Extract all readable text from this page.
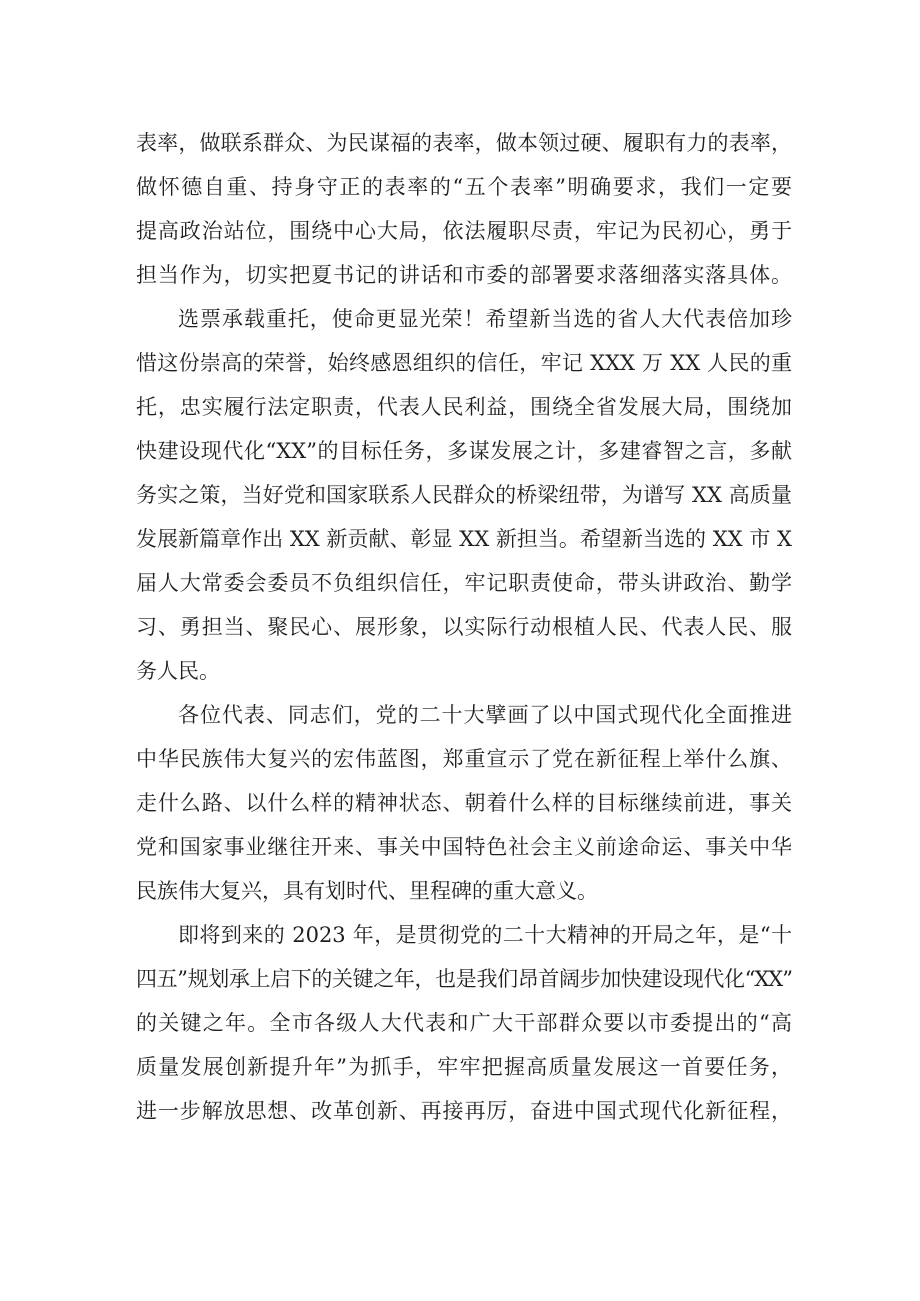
表率，做联系群众、为民谋福的表率，做本领过硬、履职有力的表率，
做怀德自重、持身守正的表率的“五个表率”明确要求，我们一定要
提高政治站位，围绕中心大局，依法履职尽责，牢记为民初心，勇于
担当作为，切实把夏书记的讲话和市委的部署要求落细落实落具体。
选票承载重托，使命更显光荣！希望新当选的省人大代表倍加珍
惜这份崇高的荣誉，始终感恩组织的信任，牢记 XXX 万 XX 人民的重
托，忠实履行法定职责，代表人民利益，围绕全省发展大局，围绕加
快建设现代化“XX”的目标任务，多谋发展之计，多建睿智之言，多献
务实之策，当好党和国家联系人民群众的桥梁纽带，为谱写 XX 高质量
发展新篇章作出 XX 新贡献、彰显 XX 新担当。希望新当选的 XX 市 X
届人大常委会委员不负组织信任，牢记职责使命，带头讲政治、勤学
习、勇担当、聚民心、展形象，以实际行动根植人民、代表人民、服
务人民。
各位代表、同志们，党的二十大擘画了以中国式现代化全面推进
中华民族伟大复兴的宏伟蓝图，郑重宣示了党在新征程上举什么旗、
走什么路、以什么样的精神状态、朝着什么样的目标继续前进，事关
党和国家事业继往开来、事关中国特色社会主义前途命运、事关中华
民族伟大复兴，具有划时代、里程碑的重大意义。
即将到来的 2023 年，是贯彻党的二十大精神的开局之年，是“十
四五”规划承上启下的关键之年，也是我们昂首阔步加快建设现代化“XX”
的关键之年。全市各级人大代表和广大干部群众要以市委提出的“高
质量发展创新提升年”为抓手，牢牢把握高质量发展这一首要任务，
进一步解放思想、改革创新、再接再厉，奋进中国式现代化新征程，
